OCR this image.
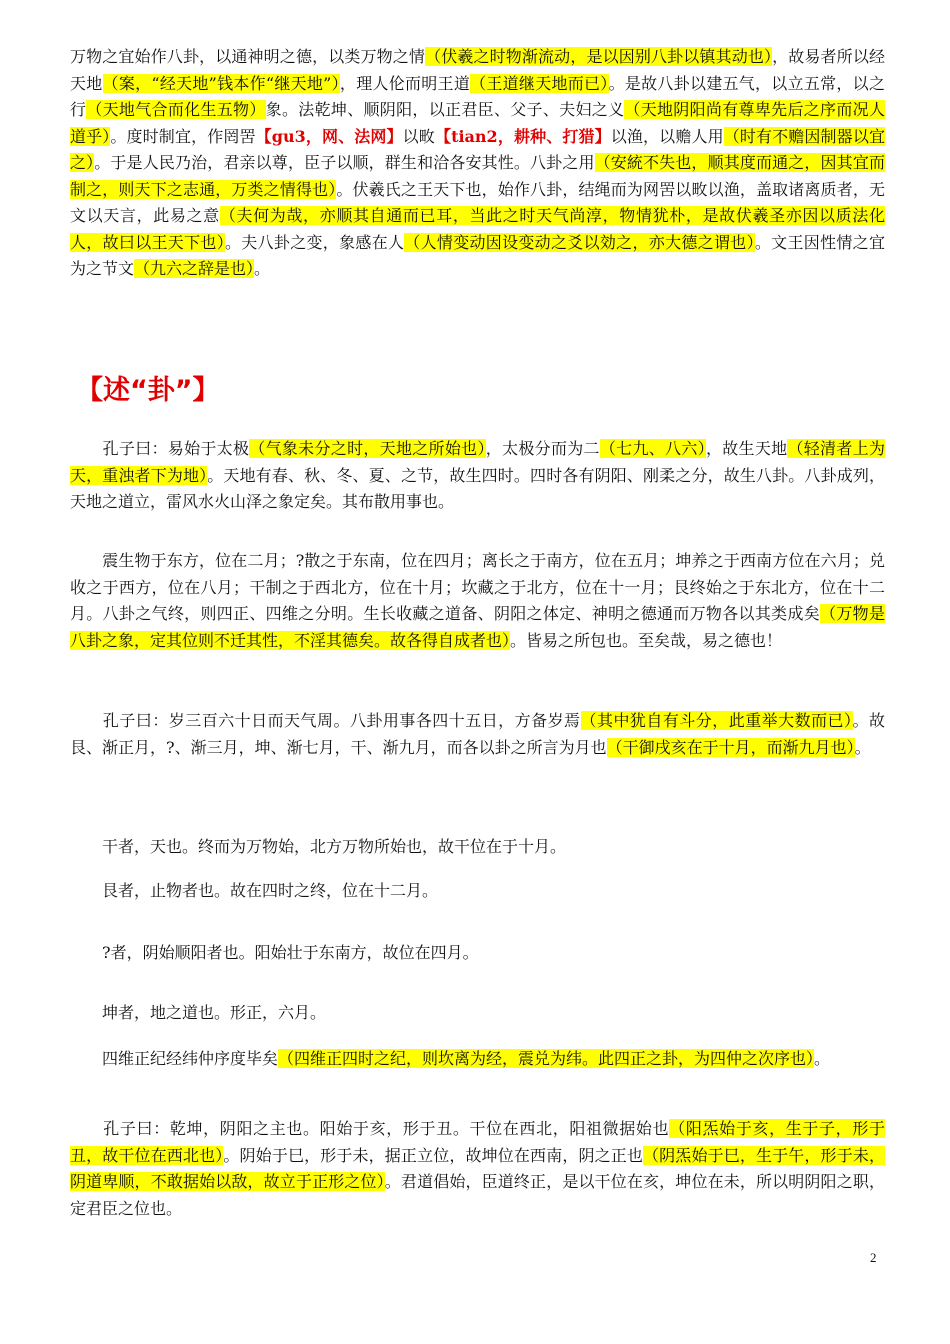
万物之宜始作八卦，以通神明之德，以类万物之情（伏羲之时物渐流动，是以因别八卦以镇其动也），故易者所以经天地（案，“经天地”钱本作“继天地”），理人伦而明王道（王道继天地而已）。是故八卦以建五气，以立五常，以之行（天地气合而化生五物）象。法乾坤、顺阴阳，以正君臣、父子、夫妇之义（天地阴阳尚有尊卑先后之序而况人道乎）。度时制宜，作罔罟【gu3，网、法网】以畋【tian2，耕种、打猎】以渔，以赡人用（时有不赡因制器以宜之）。于是人民乃治，君亲以尊，臣子以顺，群生和洽各安其性。八卦之用（安統不失也，顺其度而通之，因其宜而制之，则天下之志通，万类之情得也）。伏羲氏之王天下也，始作八卦，结绳而为网罟以畋以渔，盖取诸离质者，无文以天言，此易之意（夫何为哉，亦顺其自通而已耳，当此之时天气尚淳，物情犹朴，是故伏羲圣亦因以质法化人，故曰以王天下也）。夫八卦之变，象感在人（人情变动因设变动之爻以効之，亦大德之谓也）。文王因性情之宜为之节文（九六之辞是也）。

【述“卦”】

　　孔子曰：易始于太极（气象未分之时，天地之所始也），太极分而为二（七九、八六），故生天地（轻清者上为天，重浊者下为地）。天地有春、秋、冬、夏、之节，故生四时。四时各有阴阳、刚柔之分，故生八卦。八卦成列，天地之道立，雷风水火山泽之象定矣。其布散用事也。

　　震生物于东方，位在二月；?散之于东南，位在四月；离长之于南方，位在五月；坤养之于西南方位在六月；兑收之于西方，位在八月；干制之于西北方，位在十月；坎藏之于北方，位在十一月；艮终始之于东北方，位在十二月。八卦之气终，则四正、四维之分明。生长收藏之道备、阴阳之体定、神明之德通而万物各以其类成矣（万物是八卦之象，定其位则不迁其性，不淫其德矣。故各得自成者也）。皆易之所包也。至矣哉，易之德也！

　　孔子曰：岁三百六十日而天气周。八卦用事各四十五日，方备岁焉（其中犹自有斗分，此重举大数而已）。故艮、渐正月，?、渐三月，坤、渐七月，干、渐九月，而各以卦之所言为月也（干御戌亥在于十月，而渐九月也）。

　　干者，天也。终而为万物始，北方万物所始也，故干位在于十月。

　　艮者，止物者也。故在四时之终，位在十二月。

　　?者，阴始顺阳者也。阳始壮于东南方，故位在四月。

　　坤者，地之道也。形正，六月。

　　四维正纪经纬仲序度毕矣（四维正四时之纪，则坎离为经，震兑为纬。此四正之卦，为四仲之次序也）。

　　孔子曰：乾坤，阴阳之主也。阳始于亥，形于丑。干位在西北，阳祖微据始也（阳炁始于亥，生于子，形于丑，故干位在西北也）。阴始于巳，形于未，据正立位，故坤位在西南，阴之正也（阴炁始于巳，生于午，形于未，阴道卑顺，不敢据始以敌，故立于正形之位）。君道倡始，臣道终正，是以干位在亥，坤位在未，所以明阴阳之职，定君臣之位也。

2
